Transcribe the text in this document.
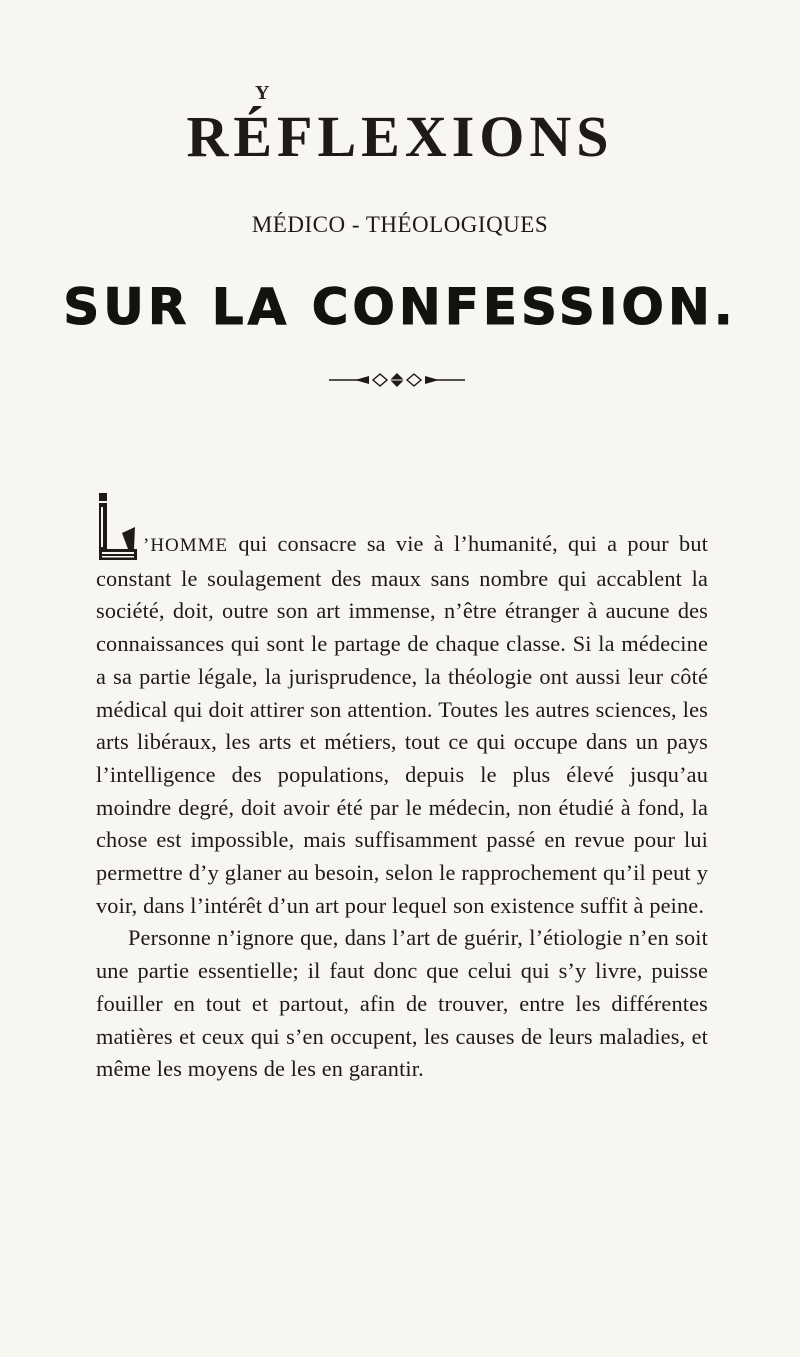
Y
RÉFLEXIONS
MÉDICO - THÉOLOGIQUES
SUR LA CONFESSION.

L
’HOMME qui consacre sa vie à l’humanité, qui a pour but constant le soulagement des maux sans nombre qui accablent la société, doit, outre son art immense, n’être étranger à aucune des connaissances qui sont le partage de chaque classe. Si la médecine a sa partie légale, la jurisprudence, la théologie ont aussi leur côté médical qui doit attirer son attention. Toutes les autres sciences, les arts libéraux, les arts et métiers, tout ce qui occupe dans un pays l’intelligence des populations, depuis le plus élevé jusqu’au moindre degré, doit avoir été par le médecin, non étudié à fond, la chose est impossible, mais suffisamment passé en revue pour lui permettre d’y glaner au besoin, selon le rapprochement qu’il peut y voir, dans l’intérêt d’un art pour lequel son existence suffit à peine.

Personne n’ignore que, dans l’art de guérir, l’étiologie n’en soit une partie essentielle; il faut donc que celui qui s’y livre, puisse fouiller en tout et partout, afin de trouver, entre les différentes matières et ceux qui s’en occupent, les causes de leurs maladies, et même les moyens de les en garantir.
